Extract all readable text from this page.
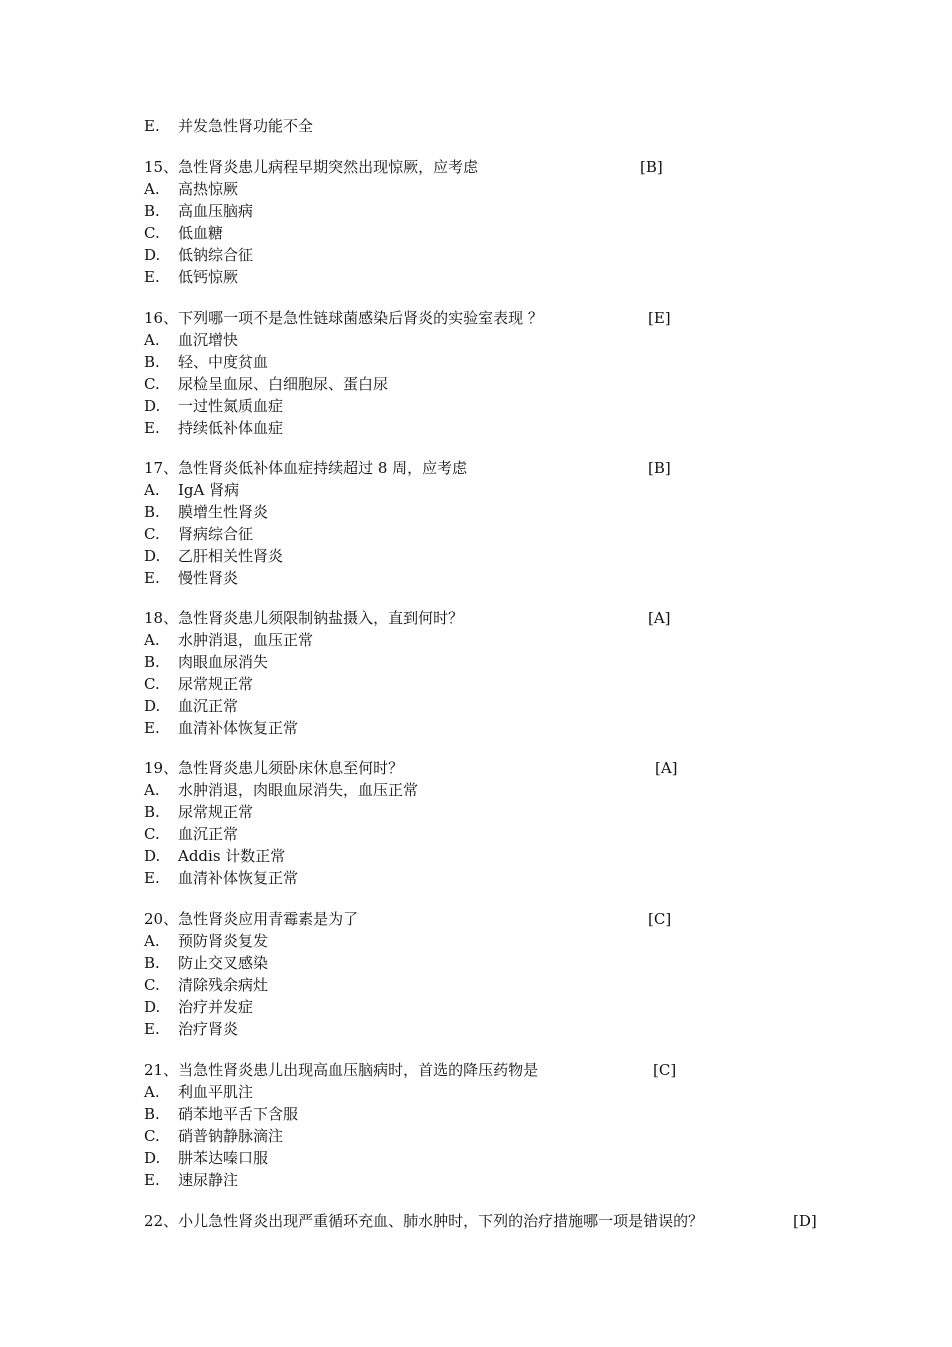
E.	并发急性肾功能不全
15、急性肾炎患儿病程早期突然出现惊厥，应考虑	[B]
A.	高热惊厥
B.	高血压脑病
C.	低血糖
D.	低钠综合征
E.	低钙惊厥
16、下列哪一项不是急性链球菌感染后肾炎的实验室表现 ？	[E]
A.	血沉增快
B.	轻、中度贫血
C.	尿检呈血尿、白细胞尿、蛋白尿
D.	一过性氮质血症
E.	持续低补体血症
17、急性肾炎低补体血症持续超过 8 周，应考虑	[B]
A.	IgA 肾病
B.	膜增生性肾炎
C.	肾病综合征
D.	乙肝相关性肾炎
E.	慢性肾炎
18、急性肾炎患儿须限制钠盐摄入，直到何时？	[A]
A.	水肿消退，血压正常
B.	肉眼血尿消失
C.	尿常规正常
D.	血沉正常
E.	血清补体恢复正常
19、急性肾炎患儿须卧床休息至何时？	[A]
A.	水肿消退，肉眼血尿消失，血压正常
B.	尿常规正常
C.	血沉正常
D.	Addis 计数正常
E.	血清补体恢复正常
20、急性肾炎应用青霉素是为了	[C]
A.	预防肾炎复发
B.	防止交叉感染
C.	清除残余病灶
D.	治疗并发症
E.	治疗肾炎
21、当急性肾炎患儿出现高血压脑病时，首选的降压药物是	[C]
A.	利血平肌注
B.	硝苯地平舌下含服
C.	硝普钠静脉滴注
D.	肼苯达嗪口服
E.	速尿静注
22、小儿急性肾炎出现严重循环充血、肺水肿时，下列的治疗措施哪一项是错误的？	[D]
